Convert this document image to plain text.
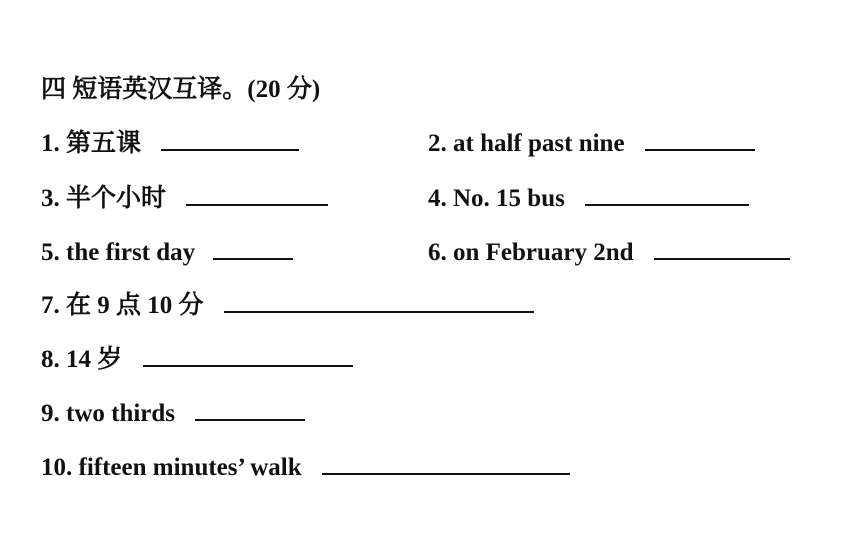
四 短语英汉互译。(20 分)
1. 第五课	2. at half past nine
3. 半个小时	4. No. 15 bus
5. the first day	6. on February 2nd
7. 在 9 点 10 分
8. 14 岁
9. two thirds
10. fifteen minutes’ walk
